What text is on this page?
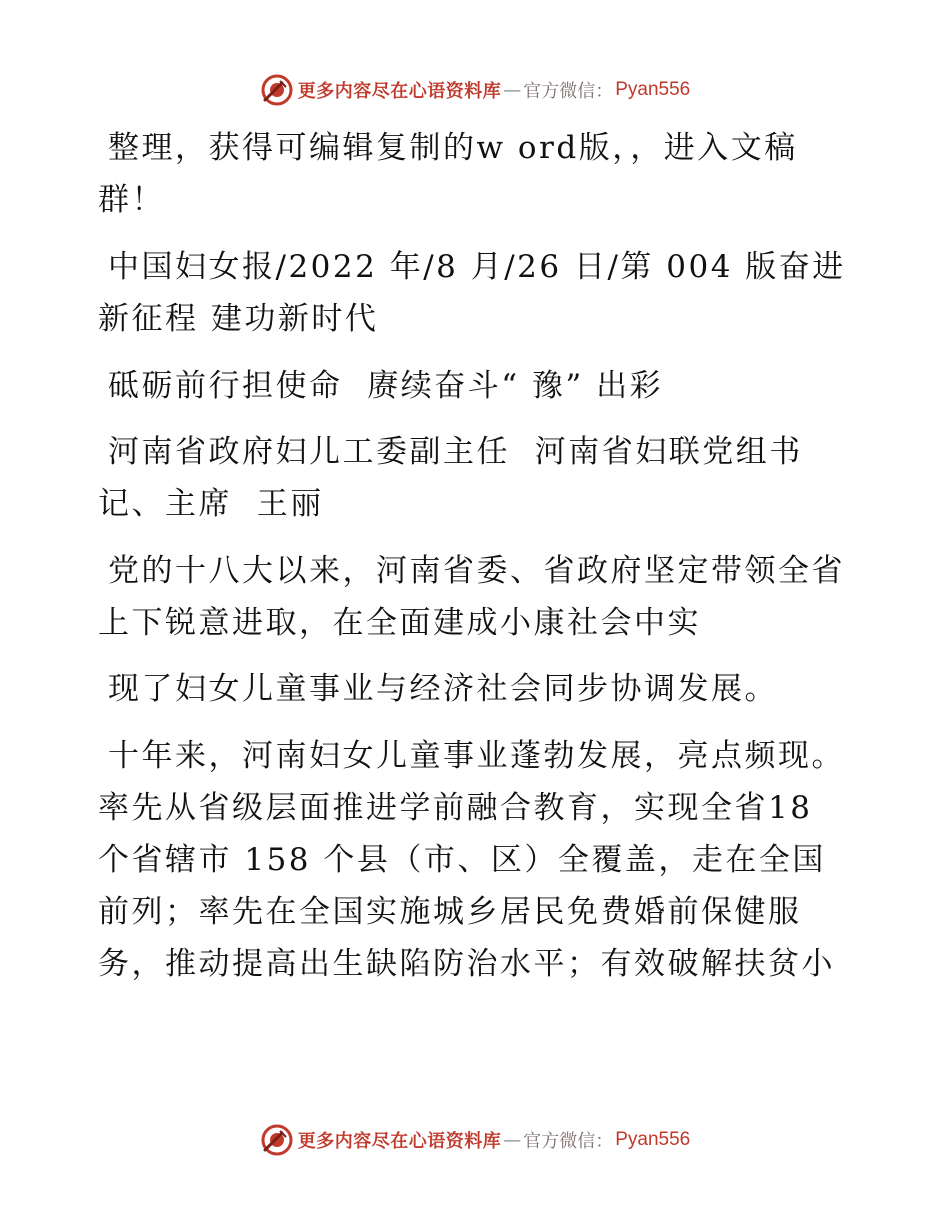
更多内容尽在心语资料库 — 官方微信： Pyan556

整理，获得可编辑复制的w ord版，，进入文稿群！

中国妇女报/2022 年/8 月/26 日/第 004 版奋进新征程 建功新时代

砥砺前行担使命  赓续奋斗“ 豫” 出彩

河南省政府妇儿工委副主任  河南省妇联党组书记、主席  王丽

党的十八大以来，河南省委、省政府坚定带领全省上下锐意进取，在全面建成小康社会中实

现了妇女儿童事业与经济社会同步协调发展。

十年来，河南妇女儿童事业蓬勃发展，亮点频现。率先从省级层面推进学前融合教育，实现全省18 个省辖市 158 个县（市、区）全覆盖，走在全国前列；率先在全国实施城乡居民免费婚前保健服务，推动提高出生缺陷防治水平；有效破解扶贫小

更多内容尽在心语资料库 — 官方微信： Pyan556
